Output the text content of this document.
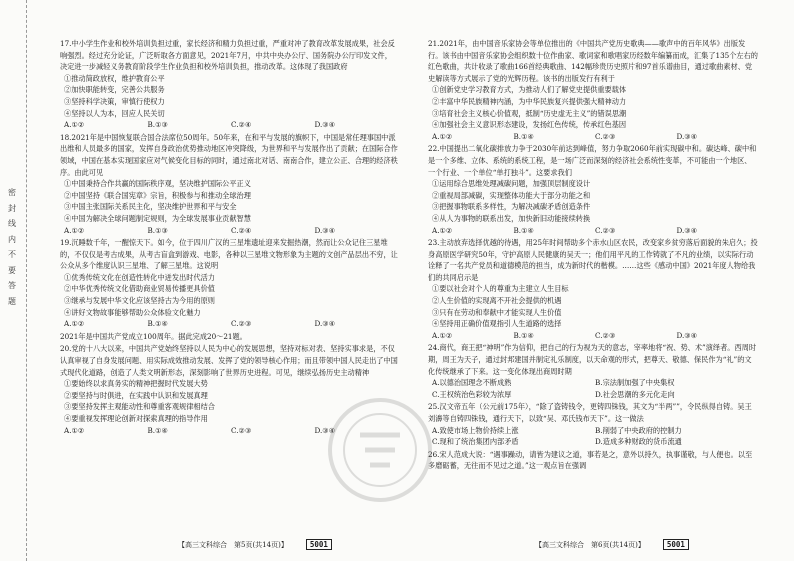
密 封 线 内 不 要 答 题
17.中小学生作业和校外培训负担过重，家长经济和精力负担过重，严重对冲了教育改革发展成果，社会反响强烈。经过充分论证，广泛听取各方面意见，2021年7月，中共中央办公厅、国务院办公厅印发文件，决定进一步减轻义务教育阶段学生作业负担和校外培训负担，推动改革。这体现了我国政府
①推动简政放权，维护教育公平
②加快职能转变，完善公共服务
③坚持科学决策，审慎行使权力
④坚持以人为本，回应人民关切
A.①②	B.①③	C.②④	D.③④
18.2021年是中国恢复联合国合法席位50周年。50年来，在和平与发展的旗帜下，中国是常任理事国中派出维和人员最多的国家，发挥自身政治优势推动地区冲突降级，为世界和平与发展作出了贡献；在国际合作领域，中国在基本实现国家应对气候变化目标的同时，通过南北对话、南南合作，建立公正、合理的经济秩序。由此可见
①中国秉持合作共赢的国际秩序观，坚决维护国际公平正义
②中国坚持《联合国宪章》宗旨，积极参与和推动全球治理
③中国主张国际关系民主化，坚决维护世界和平与安全
④中国为解决全球问题制定规则，为全球发展事业贡献智慧
A.①②	B.①③	C.②④	D.③④
19.沉睡数千年，一醒惊天下。如今，位于四川广汉的三星堆遗址迎来发掘热潮，然而让公众记住三星堆的，不仅仅是考古成果，从考古盲盒到游戏、电影，各种以三星堆文物形象为主题的文创产品层出不穷，让公众从多个维度认识三星堆、了解三星堆。这说明
①优秀传统文化在创造性转化中迸发出时代活力
②中华优秀传统文化借助商业贸易传播更具价值
③继承与发展中华文化应该坚持古为今用的原则
④讲好文物故事能够帮助公众体验文化魅力
A.①②	B.①④	C.②③	D.③④
2021年是中国共产党成立100周年。据此完成20～21题。
20.党的十八大以来，中国共产党始终坚持以人民为中心的发展思想，坚持对标对表、坚持实事求是，不仅认真审视了自身发展问题、用实际成效推动发展、发挥了党的领导核心作用；而且带领中国人民走出了中国式现代化道路，创造了人类文明新形态，深刻影响了世界历史进程。可见，继续弘扬历史主动精神
①要始终以求真务实的精神把握时代发展大势
②要坚持与时俱进，在实践中认识和发展真理
③要坚持发挥主观能动性和尊重客观规律相结合
④要重视发挥理论创新对探索真理的指导作用
A.①②	B.①④	C.②③	D.③④
21.2021年，由中国音乐家协会等单位推出的《中国共产党历史歌典——歌声中的百年风华》出版发行。该书由中国音乐家协会组织数十位作曲家、歌词家和歌唱家历经数年编纂而成，汇集了135个左右的红色歌曲，共计收录了歌曲166首经典歌曲、142幅珍贵历史照片和97首乐谱曲目，通过歌曲素材、党史解读等方式展示了党的光辉历程。该书的出版发行有利于
①创新党史学习教育方式，为推动人们了解党史提供重要载体
②丰富中华民族精神内涵，为中华民族复兴提供强大精神动力
③培育社会主义核心价值观，抵制“历史虚无主义”的错误思潮
④加强社会主义意识形态建设，发扬红色传统，传承红色基因
A.①②	B.①④	C.②③	D.③④
22.中国提出二氧化碳排放力争于2030年前达到峰值，努力争取2060年前实现碳中和。碳达峰、碳中和是一个多维、立体、系统的系统工程，是一场广泛而深刻的经济社会系统性变革，不可能由一个地区、一个行业、一个单位“单打独斗”。这要求我们
①运用综合思维处理减碳问题，加强顶层制度设计
②重视局部减碳，实现整体功能大于部分功能之和
③把握事物联系多样性，为解决减碳矛盾创造条件
④从人为事物的联系出发，加快新旧动能接续转换
A.①②	B.①④	C.②③	D.③④
23.主动放弃选择优越的待遇，用25年时间帮助多个赤水山区农民，改变家乡贫穷落后面貌的朱启久；投身高原医学研究50年，守护高原人民健康的吴天一；他们用平凡的工作铸就了不凡的业绩，以实际行动诠释了一名共产党员和道德模范的担当，成为新时代的楷模。……这些《感动中国》2021年度人物给我们的共同启示是
①要以社会对个人的尊重为主建立人生目标
②人生价值的实现离不开社会提供的机遇
③只有在劳动和奉献中才能实现人生价值
④坚持用正确价值观指引人生道路的选择
A.①②	B.①④	C.②③	D.③④
24.商代，商王把“神明”作为信仰，把自己的行为视为天的意志，宰率地将“祝、势、术”演绎者。西周时期，周王为天子，通过封邦建国并制定礼乐制度，以天命观的形式，把尊天、敬德、保民作为“礼”的文化传统继承了下来。这一变化体现出商周时期
A.以德治国理念不断成熟	B.宗法制加强了中央集权
C.王权统治色彩较为浓厚	D.社会思潮的多元化走向
25.汉文帝五年（公元前175年），“除了盗铸钱令，更铸四铢钱，其文为“半两””，令民纵得自铸。吴王刘濞等自铸四铢钱，通行天下，以致“吴、邓氏钱布天下”。这一做法
A.致使市场上物价持续上涨	B.削弱了中央政府的控制力
C.现和了统治集团内部矛盾	D.造成多种财政的货币流通
26.宋人范成大说：“遇事躁动，请皆为建议之道，事若是之，意外以持久，执事谨敬，与人便也。以至多磨砺蓄，无往而不见过之道。”这一观点旨在强调
【高三文科综合　第5页(共14页)】	5001	【高三文科综合　第6页(共14页)】	5001
